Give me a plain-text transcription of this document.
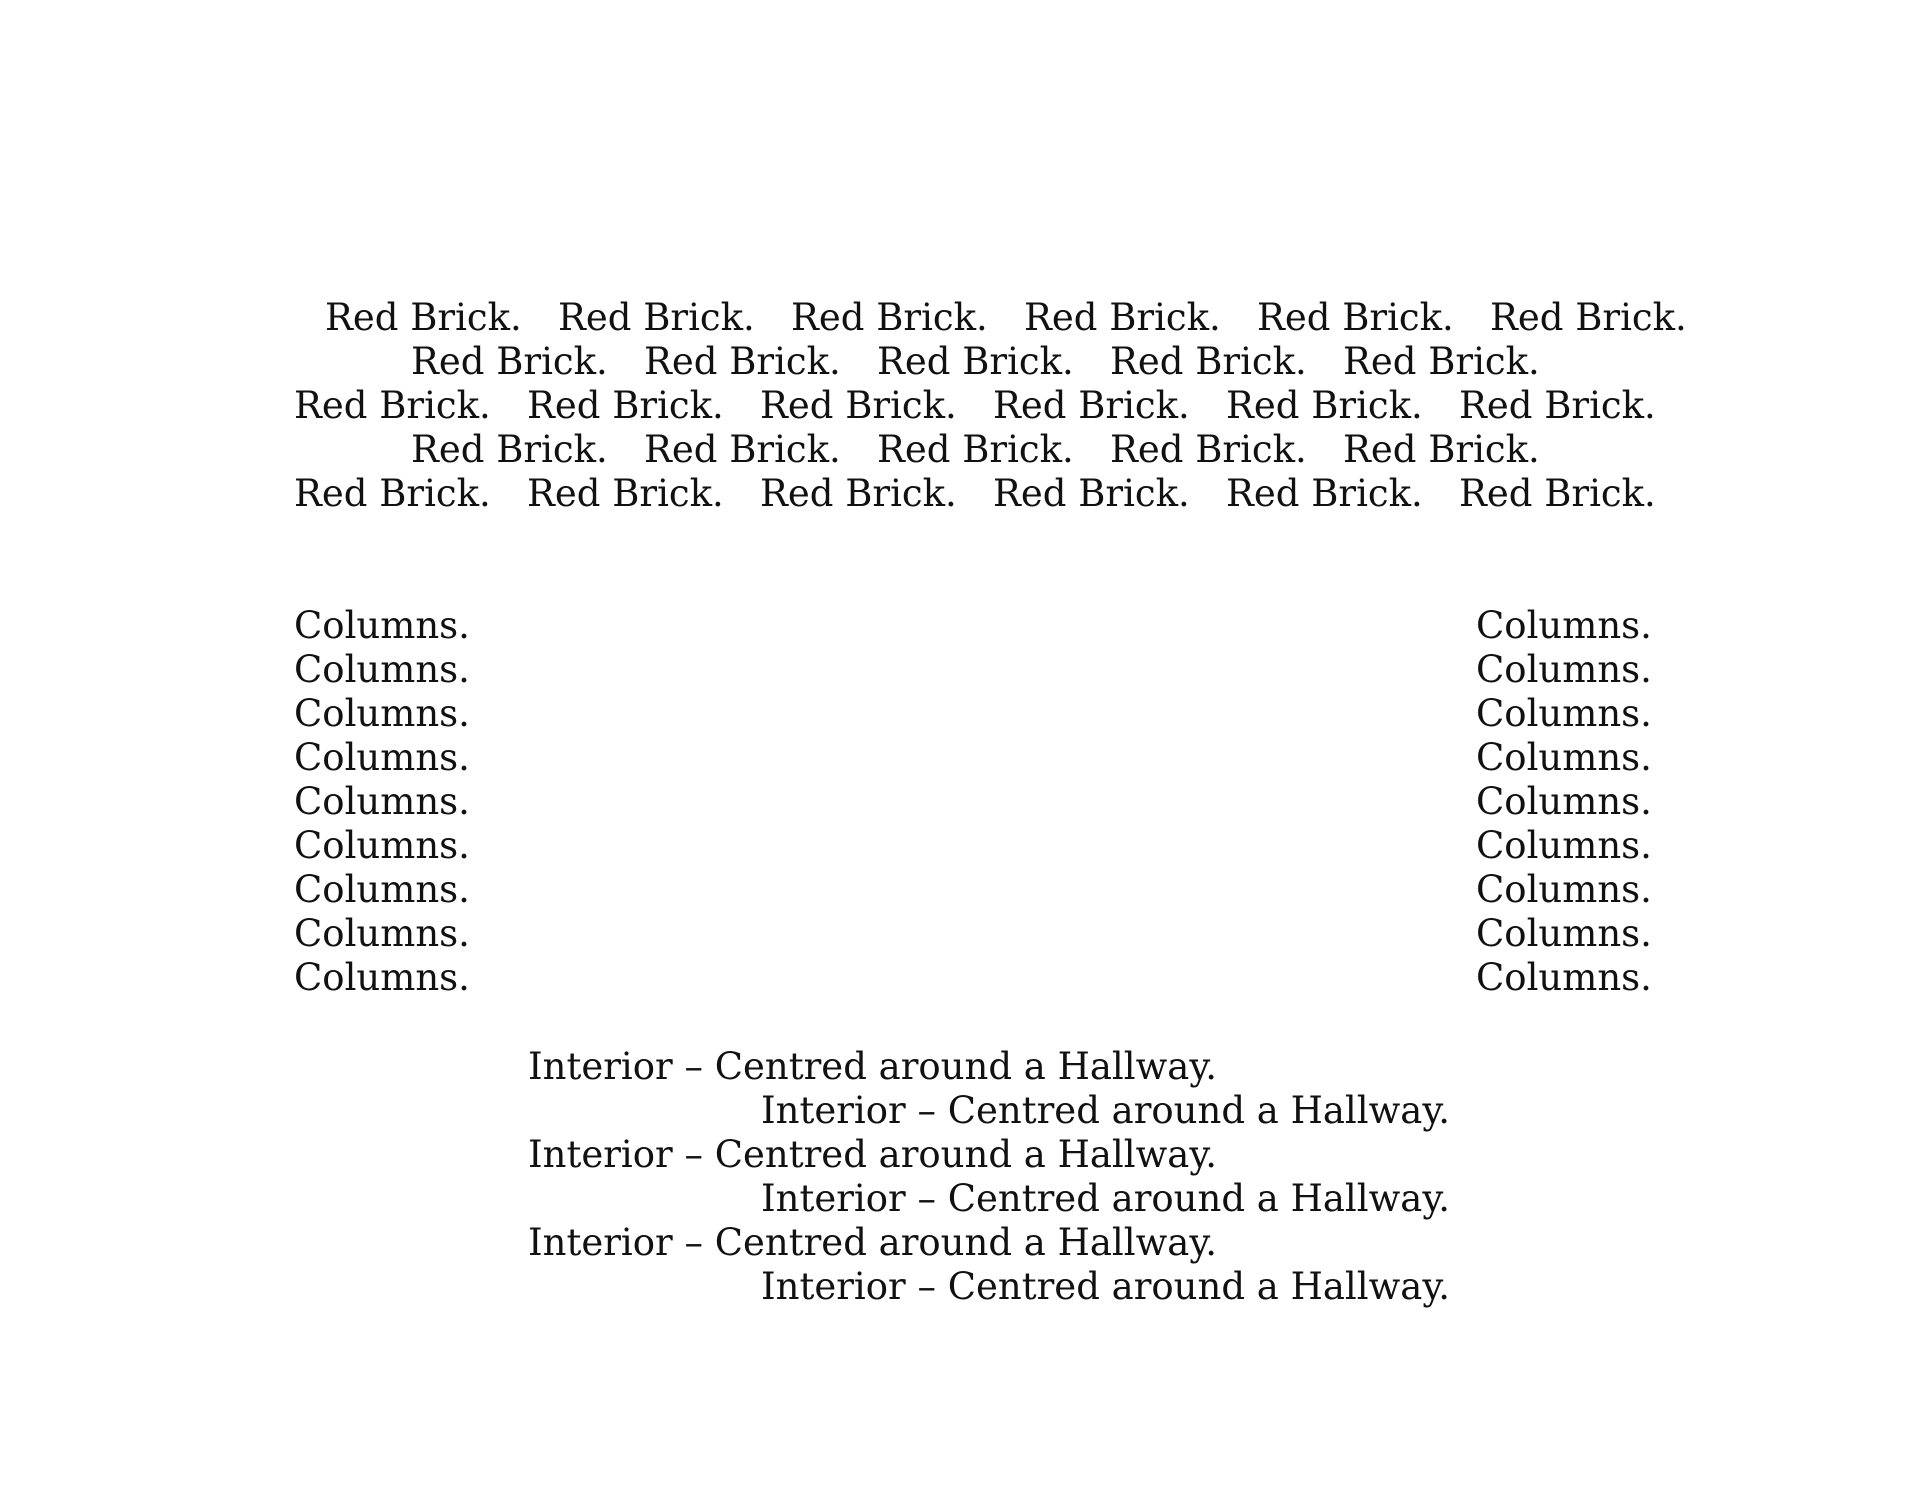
Red Brick. Red Brick. Red Brick. Red Brick. Red Brick. Red Brick.
Red Brick. Red Brick. Red Brick. Red Brick. Red Brick.
Red Brick. Red Brick. Red Brick. Red Brick. Red Brick. Red Brick.
Red Brick. Red Brick. Red Brick. Red Brick. Red Brick.
Red Brick. Red Brick. Red Brick. Red Brick. Red Brick. Red Brick.
Columns.
Columns.
Columns.
Columns.
Columns.
Columns.
Columns.
Columns.
Columns.
Columns.
Columns.
Columns.
Columns.
Columns.
Columns.
Columns.
Columns.
Columns.
Interior – Centred around a Hallway.
Interior – Centred around a Hallway.
Interior – Centred around a Hallway.
Interior – Centred around a Hallway.
Interior – Centred around a Hallway.
Interior – Centred around a Hallway.
